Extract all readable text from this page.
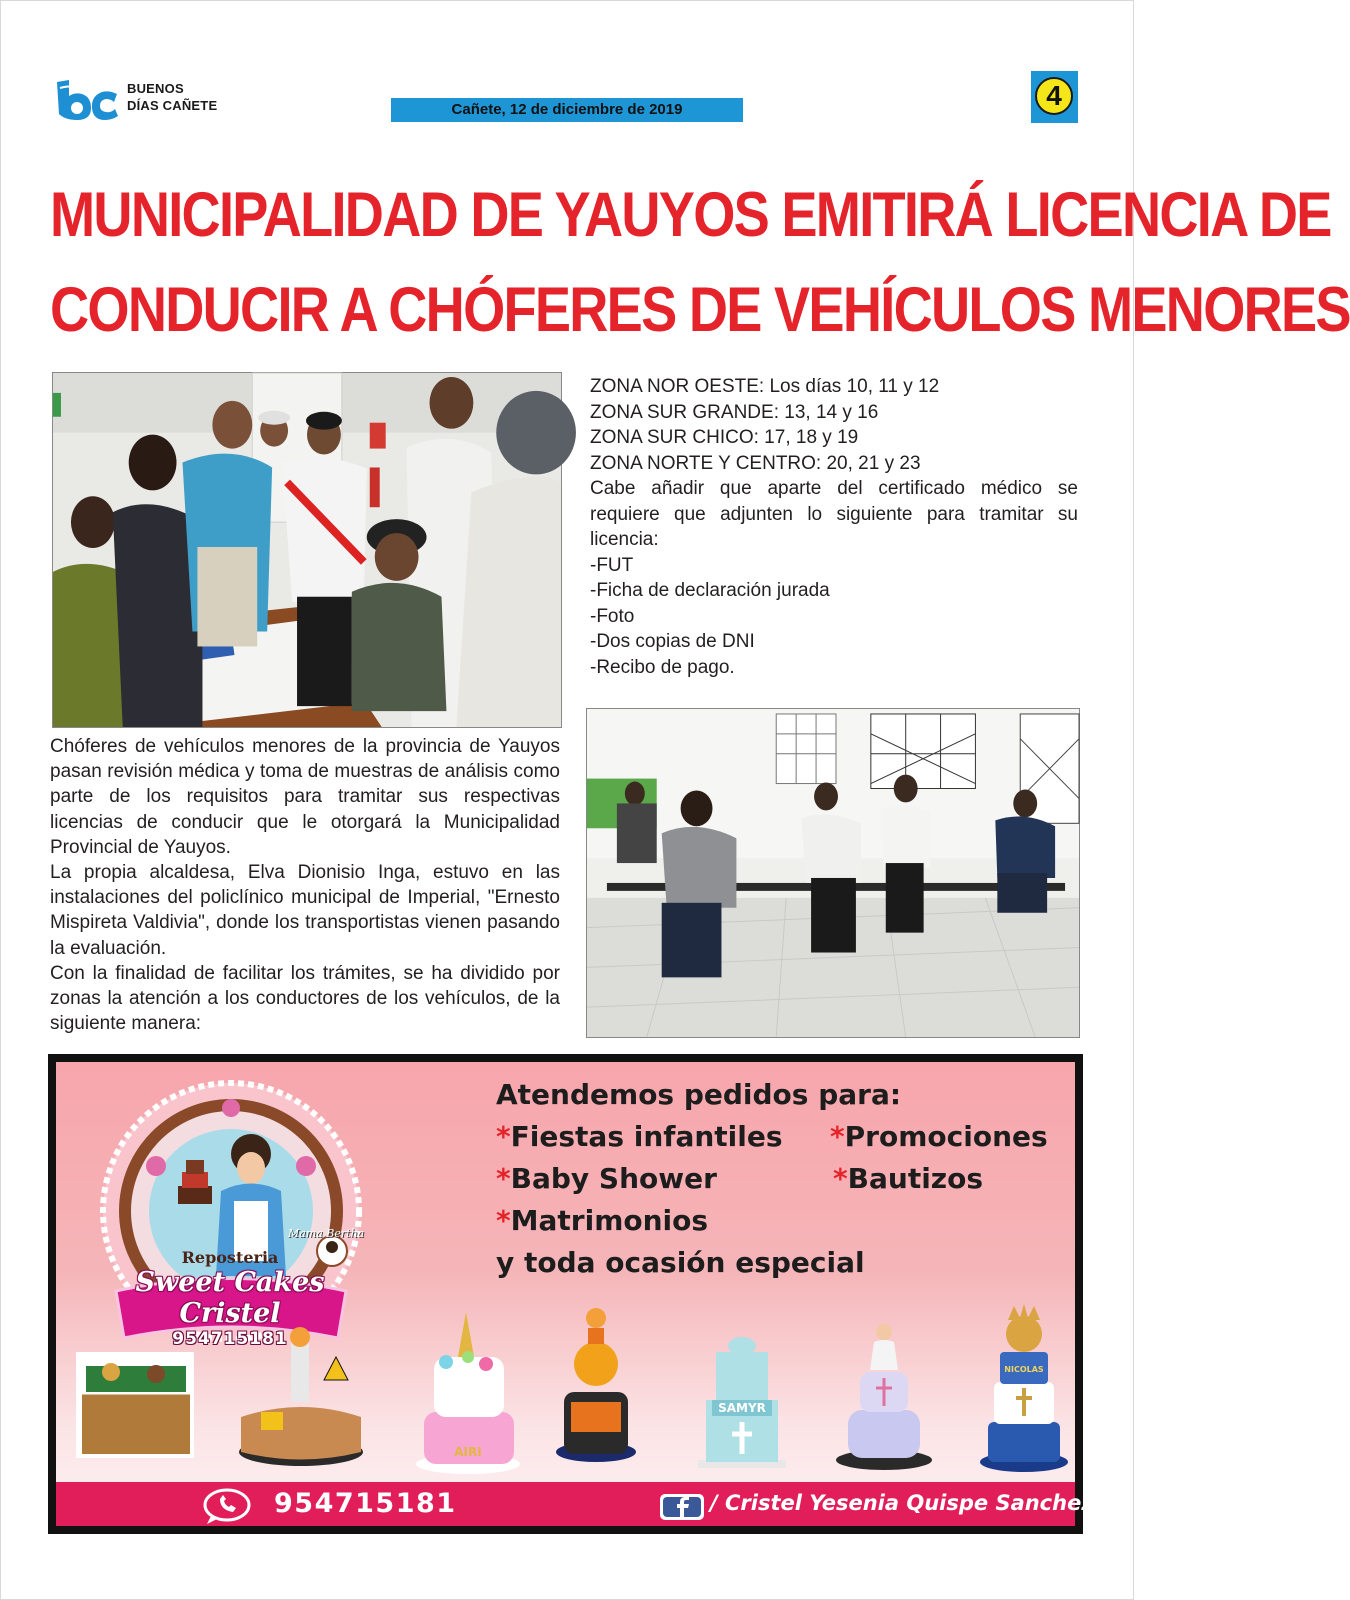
BUENOS
DÍAS CAÑETE	Cañete, 12 de diciembre de 2019	4
MUNICIPALIDAD DE YAUYOS EMITIRÁ LICENCIA DE
CONDUCIR A CHÓFERES DE VEHÍCULOS MENORES
ZONA NOR OESTE: Los días 10, 11 y 12
ZONA SUR GRANDE: 13, 14 y 16
ZONA SUR CHICO: 17, 18 y 19
ZONA NORTE Y CENTRO: 20, 21 y 23

Cabe añadir que aparte del certificado médico se requiere que adjunten lo siguiente para tramitar su licencia:

-FUT
-Ficha de declaración jurada
-Foto
-Dos copias de DNI
-Recibo de pago.

Chóferes de vehículos menores de la provincia de Yauyos pasan revisión médica y toma de muestras de análisis como parte de los requisitos para tramitar sus respectivas licencias de conducir que le otorgará la Municipalidad Provincial de Yauyos.

La propia alcaldesa, Elva Dionisio Inga, estuvo en las instalaciones del policlínico municipal de Imperial, "Ernesto Mispireta Valdivia", donde los transportistas vienen pasando la evaluación.

Con la finalidad de facilitar los trámites, se ha dividido por zonas la atención a los conductores de los vehículos, de la siguiente manera:

Reposteria
Sweet Cakes Cristel
954715181
Mama Bertha
Atendemos pedidos para:
*Fiestas infantiles *Promociones
*Baby Shower	*Bautizos
*Matrimonios
y toda ocasión especial
SAMYR
NICOLAS
AIRI
954715181	/ Cristel Yesenia Quispe Sanchez
